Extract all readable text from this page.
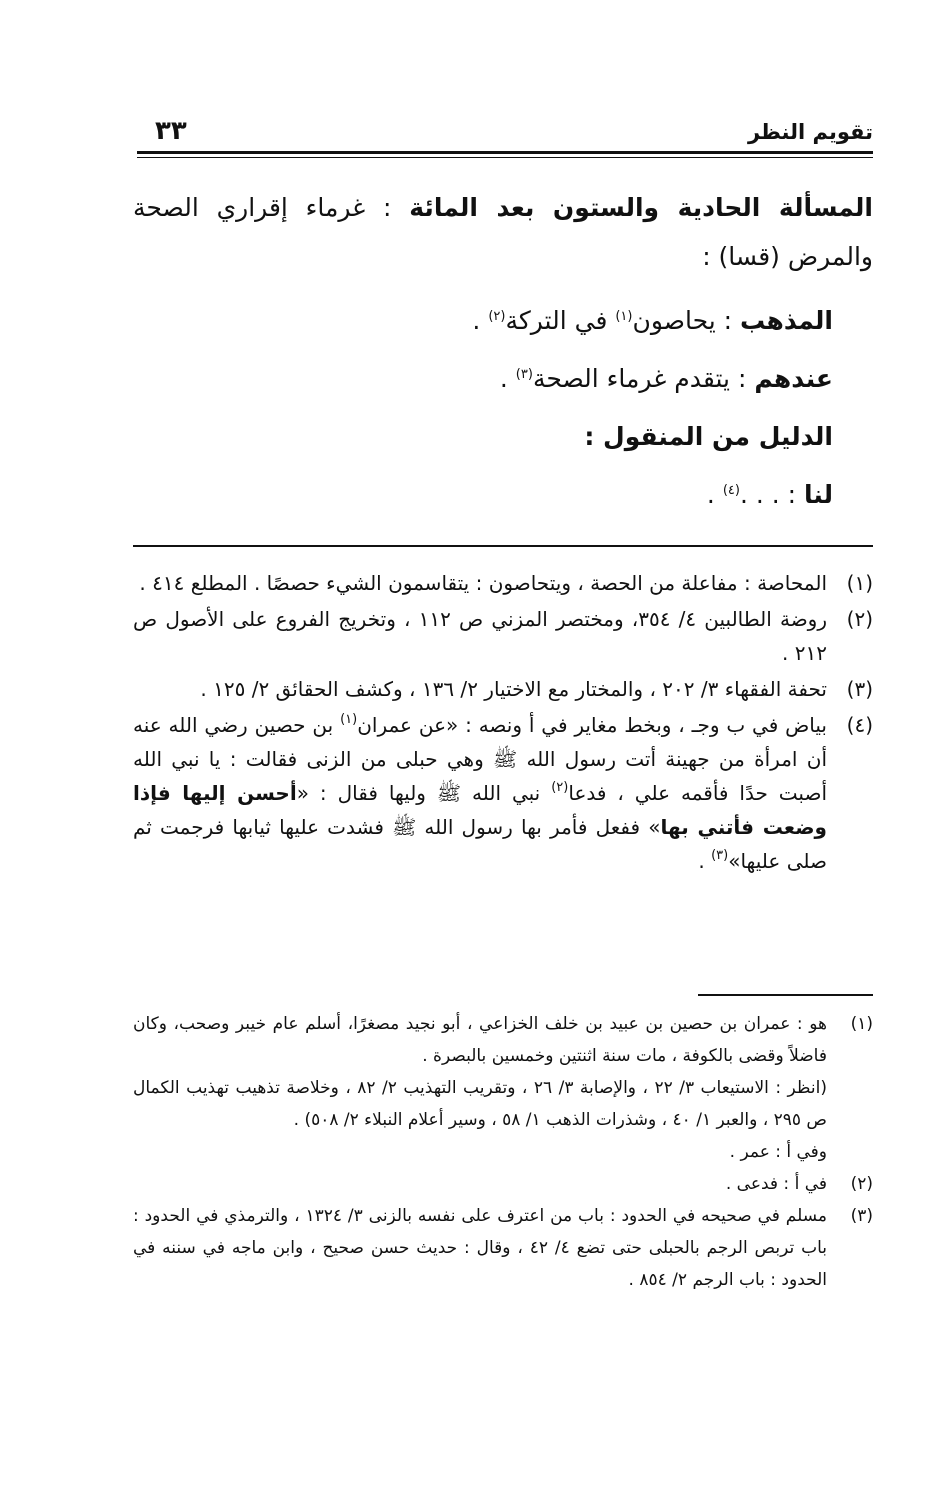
تقويم النظر
٣٣

المسألة الحادية والستون بعد المائة : غرماء إقراري الصحة والمرض (قسا) :

المذهب : يحاصون$^{(١)}$ في التركة$^{(٢)}$ .

عندهم : يتقدم غرماء الصحة$^{(٣)}$ .

الدليل من المنقول :

لنا : . . .$^{(٤)}$ .

(١)
المحاصة : مفاعلة من الحصة ، ويتحاصون : يتقاسمون الشيء حصصًا . المطلع ٤١٤ .
(٢)
روضة الطالبين ٤/ ٣٥٤، ومختصر المزني ص ١١٢ ، وتخريج الفروع على الأصول ص ٢١٢ .
(٣)
تحفة الفقهاء ٣/ ٢٠٢ ، والمختار مع الاختيار ٢/ ١٣٦ ، وكشف الحقائق ٢/ ١٢٥ .
(٤)
بياض في ب وجـ ، وبخط مغاير في أ ونصه : «عن عمران$^{(١)}$ بن حصين رضي الله عنه أن امرأة من جهينة أتت رسول الله ﷺ وهي حبلى من الزنى فقالت : يا نبي الله أصبت حدًا فأقمه علي ، فدعا$^{(٢)}$ نبي الله ﷺ وليها فقال : «أحسن إليها فإذا وضعت فأتني بها» ففعل فأمر بها رسول الله ﷺ فشدت عليها ثيابها فرجمت ثم صلى عليها»$^{(٣)}$ .
(١)
هو : عمران بن حصين بن عبيد بن خلف الخزاعي ، أبو نجيد مصغرًا، أسلم عام خيبر وصحب، وكان فاضلاً وقضى بالكوفة ، مات سنة اثنتين وخمسين بالبصرة .

(انظر : الاستيعاب ٣/ ٢٢ ، والإصابة ٣/ ٢٦ ، وتقريب التهذيب ٢/ ٨٢ ، وخلاصة تذهيب تهذيب الكمال ص ٢٩٥ ، والعبر ١/ ٤٠ ، وشذرات الذهب ١/ ٥٨ ، وسير أعلام النبلاء ٢/ ٥٠٨) .

وفي أ : عمر .

(٢)
في أ : فدعى .
(٣)
مسلم في صحيحه في الحدود : باب من اعترف على نفسه بالزنى ٣/ ١٣٢٤ ، والترمذي في الحدود : باب تربص الرجم بالحبلى حتى تضع ٤/ ٤٢ ، وقال : حديث حسن صحيح ، وابن ماجه في سننه في الحدود : باب الرجم ٢/ ٨٥٤ .
